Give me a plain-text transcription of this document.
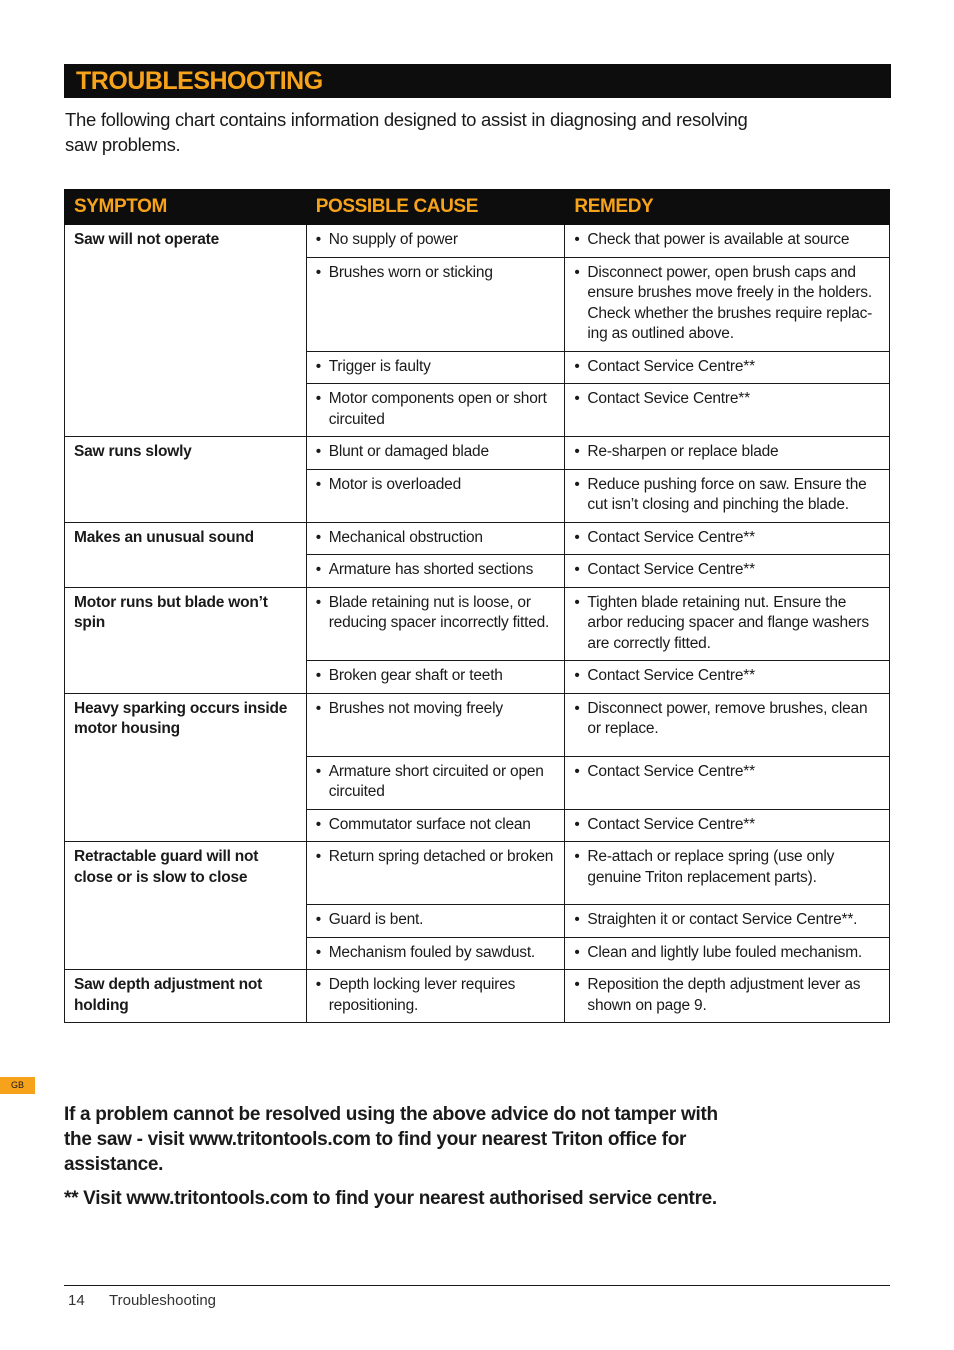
TROUBLESHOOTING

The following chart contains information designed to assist in diagnosing and resolving saw problems.

SYMPTOM	POSSIBLE CAUSE	REMEDY
Saw will not operate	• No supply of power	• Check that power is available at source

	• Brushes worn or sticking	• Disconnect power, open brush caps and ensure brushes move freely in the holders. Check whether the brushes require replac-ing as outlined above.

	• Trigger is faulty	• Contact Service Centre**

	• Motor components open or short circuited	• Contact Sevice Centre**

Saw runs slowly	• Blunt or damaged blade	• Re-sharpen or replace blade

	• Motor is overloaded	• Reduce pushing force on saw. Ensure the cut isn’t closing and pinching the blade.

Makes an unusual sound	• Mechanical obstruction	• Contact Service Centre**

	• Armature has shorted sections	• Contact Service Centre**

Motor runs but blade won’t spin	• Blade retaining nut is loose, or reducing spacer incorrectly fitted.	• Tighten blade retaining nut. Ensure the arbor reducing spacer and flange washers are correctly fitted.

	• Broken gear shaft or teeth	• Contact Service Centre**

Heavy sparking occurs inside motor housing	• Brushes not moving freely	• Disconnect power, remove brushes, clean or replace.

	• Armature short circuited or open circuited	• Contact Service Centre**

	• Commutator surface not clean	• Contact Service Centre**

Retractable guard will not close or is slow to close	• Return spring detached or broken	• Re-attach or replace spring (use only genuine Triton replacement parts).

	• Guard is bent.	• Straighten it or contact Service Centre**.

	• Mechanism fouled by sawdust.	• Clean and lightly lube fouled mechanism.

Saw depth adjustment not holding	• Depth locking lever requires repositioning.	• Reposition the depth adjustment lever as shown on page 9.
GB

If a problem cannot be resolved using the above advice do not tamper with the saw - visit www.tritontools.com to find your nearest Triton office for assistance.

** Visit www.tritontools.com to find your nearest authorised service centre.

14 Troubleshooting
